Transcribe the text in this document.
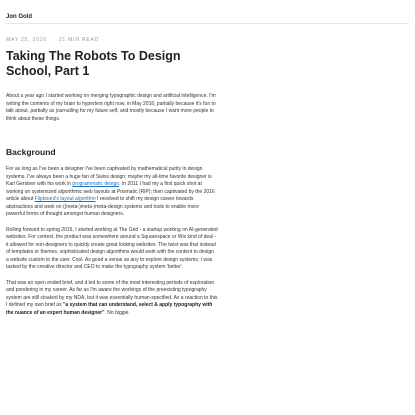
Jon Gold
MAY 25, 2016 21 MIN READ
Taking The Robots To Design School, Part 1

About a year ago I started working on merging typographic design and artificial intelligence. I'm writing the contents of my brain to hypertext right now, in May 2016; partially because it's fun to talk about, partially as journalling for my future self, and mostly because I want more people to think about these things.

Background

For as long as I've been a designer I've been captivated by mathematical purity in design systems. I've always been a huge fan of Swiss design; maybe my all-time favorite designer is Karl Gerstner with his work in programmatic design. In 2011 I had my a first quick shot at working on systemized algorithmic web layouts at Prismatic (RIP); then captivated by the 2016 article about Flipboard's layout algorithm I resolved to shift my design career towards abstractions and work on ((meta-)meta-)meta-design systems and tools to enable more powerful forms of thought amongst human designers.

Rolling forward to spring 2015, I started working at The Grid - a startup working on AI-generated websites. For context, the product was somewhere around a Squarespace or Wix kind of deal - it allowed for non-designers to quickly create great looking websites. The twist was that instead of templates or themes, sophisticated design algorithms would work with the content to design a website custom to the user. Cool. As good a venue as any to explore design systems; I was tasked by the creative director and CEO to make the typography system 'better'.

That was an open ended brief, and it led to some of the most interesting periods of exploration and pondering in my career. As far as I'm aware the workings of the preexisting typography system are still cloaked by my NDA, but it was essentially human-specified. As a reaction to this I defined my own brief as "a system that can understand, select & apply typography with the nuance of an expert human designer". No biggie.
